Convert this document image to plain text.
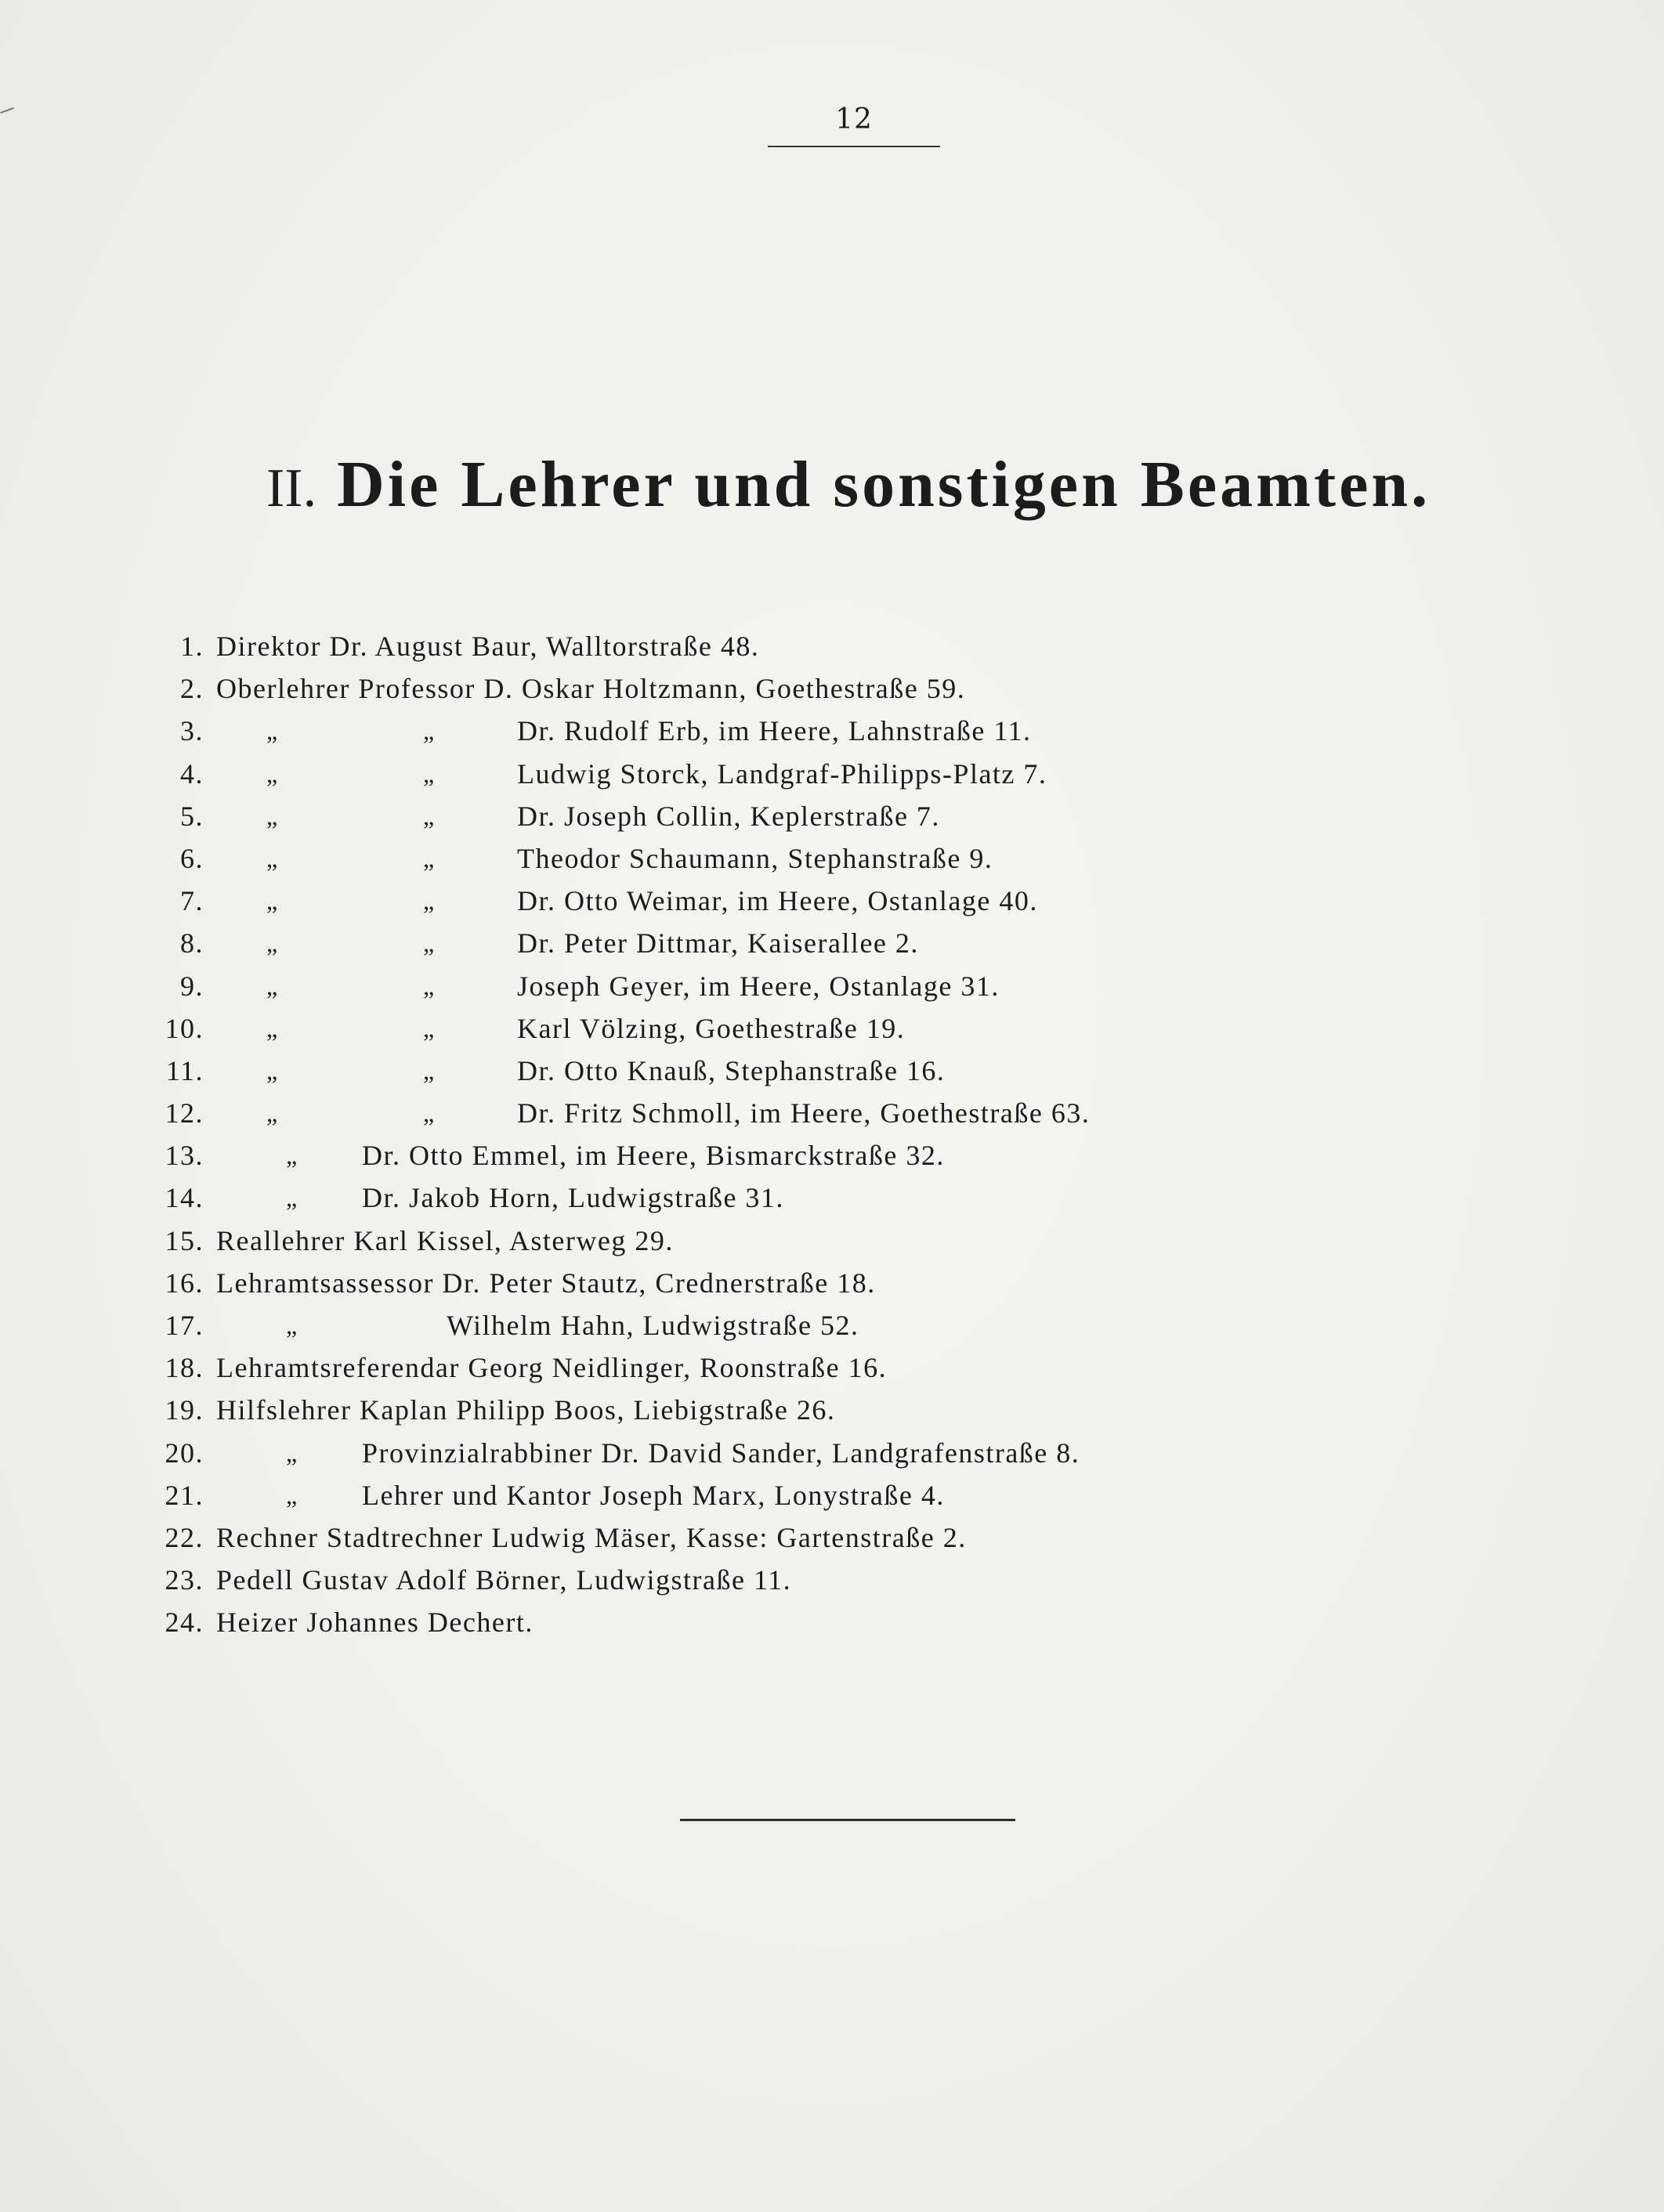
12
II. Die Lehrer und sonstigen Beamten.
1. Direktor Dr. August Baur, Walltorstraße 48.
2. Oberlehrer Professor D. Oskar Holtzmann, Goethestraße 59.
3.	„	„	Dr. Rudolf Erb, im Heere, Lahnstraße 11.
4.	„	„	Ludwig Storck, Landgraf-Philipps-Platz 7.
5.	„	„	Dr. Joseph Collin, Keplerstraße 7.
6.	„	„	Theodor Schaumann, Stephanstraße 9.
7.	„	„	Dr. Otto Weimar, im Heere, Ostanlage 40.
8.	„	„	Dr. Peter Dittmar, Kaiserallee 2.
9.	„	„	Joseph Geyer, im Heere, Ostanlage 31.
10.	„	„	Karl Völzing, Goethestraße 19.
11.	„	„	Dr. Otto Knauß, Stephanstraße 16.
12.	„	„	Dr. Fritz Schmoll, im Heere, Goethestraße 63.
13.	„ Dr. Otto Emmel, im Heere, Bismarckstraße 32.
14.	„ Dr. Jakob Horn, Ludwigstraße 31.
15. Reallehrer Karl Kissel, Asterweg 29.
16. Lehramtsassessor Dr. Peter Stautz, Crednerstraße 18.
17.	„	Wilhelm Hahn, Ludwigstraße 52.
18. Lehramtsreferendar Georg Neidlinger, Roonstraße 16.
19. Hilfslehrer Kaplan Philipp Boos, Liebigstraße 26.
20.	„ Provinzialrabbiner Dr. David Sander, Landgrafenstraße 8.
21.	„ Lehrer und Kantor Joseph Marx, Lonystraße 4.
22. Rechner Stadtrechner Ludwig Mäser, Kasse: Gartenstraße 2.
23. Pedell Gustav Adolf Börner, Ludwigstraße 11.
24. Heizer Johannes Dechert.
